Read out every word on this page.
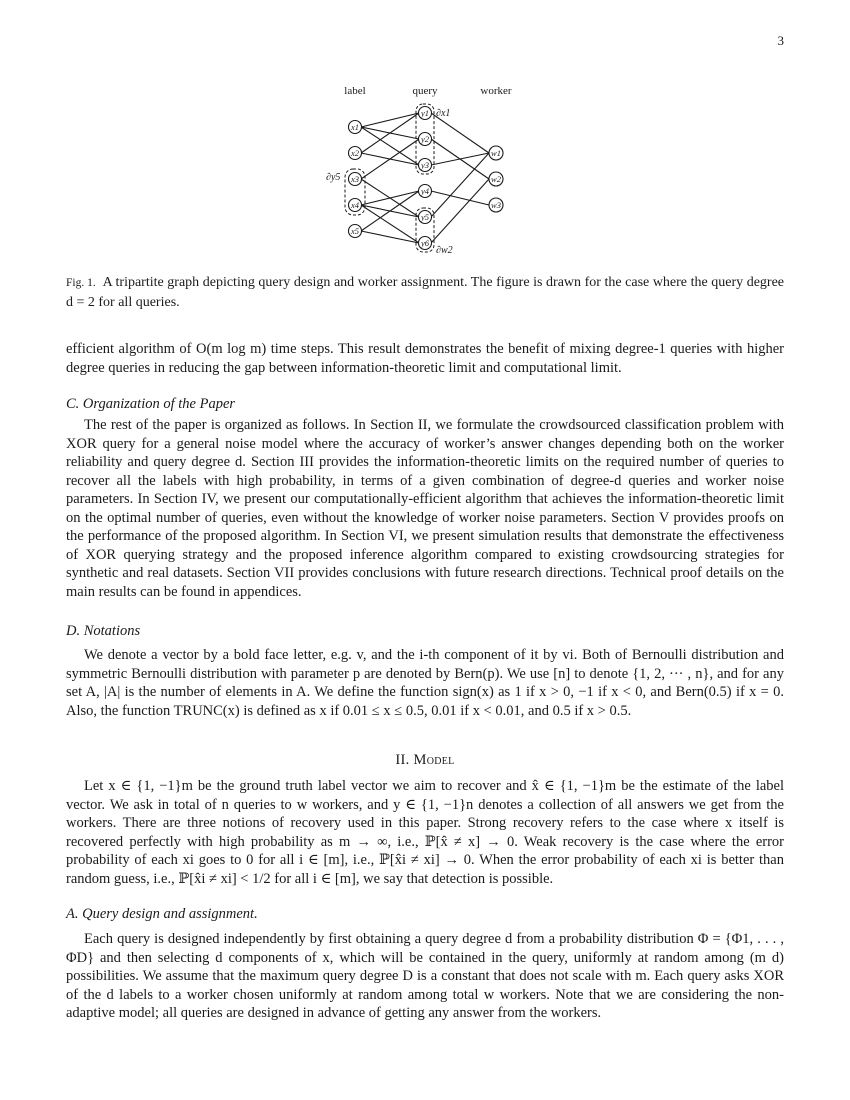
3
label	query	worker
x1
x2
x3
x4
x5
y1
y2
y3
y4
y5
y6
w1
w2
w3
∂x1
∂y5
∂w2
Fig. 1. A tripartite graph depicting query design and worker assignment. The figure is drawn for the case where the query degree d = 2 for all queries.
efficient algorithm of O(m log m) time steps. This result demonstrates the benefit of mixing degree-1 queries with higher degree queries in reducing the gap between information-theoretic limit and computational limit.
C. Organization of the Paper
The rest of the paper is organized as follows. In Section II, we formulate the crowdsourced classification problem with XOR query for a general noise model where the accuracy of worker’s answer changes depending both on the worker reliability and query degree d. Section III provides the information-theoretic limits on the required number of queries to recover all the labels with high probability, in terms of a given combination of degree-d queries and worker noise parameters. In Section IV, we present our computationally-efficient algorithm that achieves the information-theoretic limit on the optimal number of queries, even without the knowledge of worker noise parameters. Section V provides proofs on the performance of the proposed algorithm. In Section VI, we present simulation results that demonstrate the effectiveness of XOR querying strategy and the proposed inference algorithm compared to existing crowdsourcing strategies for synthetic and real datasets. Section VII provides conclusions with future research directions. Technical proof details on the main results can be found in appendices.
D. Notations
We denote a vector by a bold face letter, e.g. v, and the i-th component of it by vi. Both of Bernoulli distribution and symmetric Bernoulli distribution with parameter p are denoted by Bern(p). We use [n] to denote {1, 2, ··· , n}, and for any set A, |A| is the number of elements in A. We define the function sign(x) as 1 if x > 0, −1 if x < 0, and Bern(0.5) if x = 0. Also, the function TRUNC(x) is defined as x if 0.01 ≤ x ≤ 0.5, 0.01 if x < 0.01, and 0.5 if x > 0.5.
II. Model
Let x ∈ {1, −1}m be the ground truth label vector we aim to recover and x̂ ∈ {1, −1}m be the estimate of the label vector. We ask in total of n queries to w workers, and y ∈ {1, −1}n denotes a collection of all answers we get from the workers. There are three notions of recovery used in this paper. Strong recovery refers to the case where x itself is recovered perfectly with high probability as m → ∞, i.e., ℙ[x̂ ≠ x] → 0. Weak recovery is the case where the error probability of each xi goes to 0 for all i ∈ [m], i.e., ℙ[x̂i ≠ xi] → 0. When the error probability of each xi is better than random guess, i.e., ℙ[x̂i ≠ xi] < 1/2 for all i ∈ [m], we say that detection is possible.
A. Query design and assignment.
Each query is designed independently by first obtaining a query degree d from a probability distribution Φ = {Φ1, . . . , ΦD} and then selecting d components of x, which will be contained in the query, uniformly at random among (m d) possibilities. We assume that the maximum query degree D is a constant that does not scale with m. Each query asks XOR of the d labels to a worker chosen uniformly at random among total w workers. Note that we are considering the non-adaptive model; all queries are designed in advance of getting any answer from the workers.
